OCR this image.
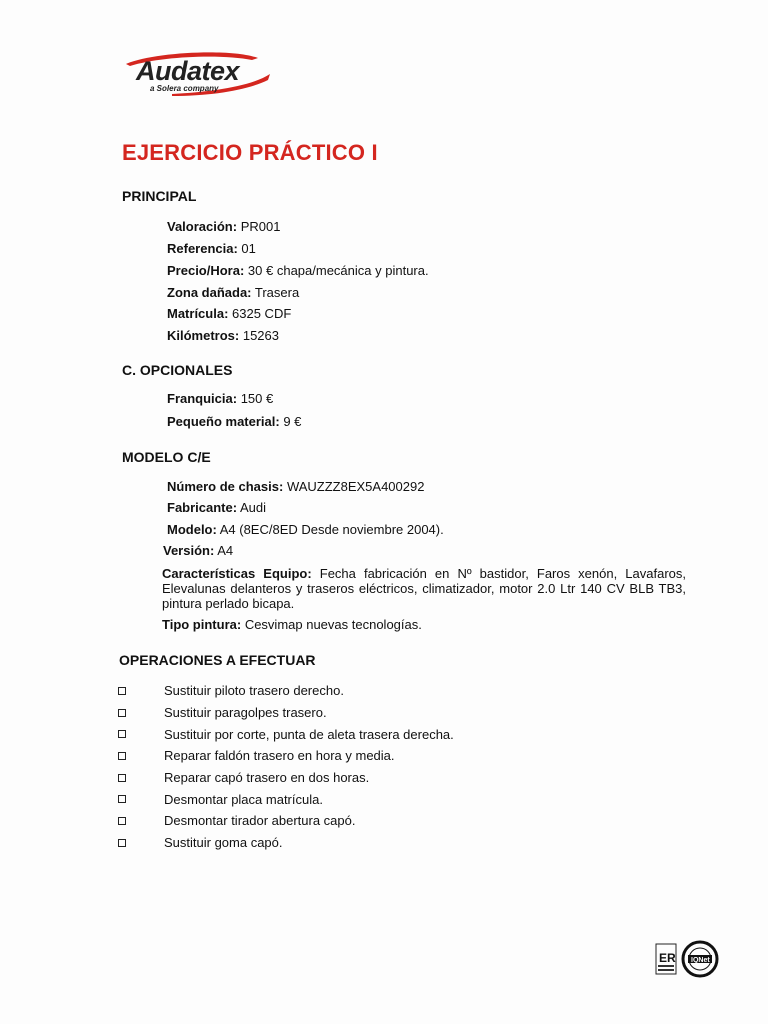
Audatex
a Solera company
EJERCICIO PRÁCTICO I
PRINCIPAL
Valoración: PR001
Referencia: 01
Precio/Hora: 30 € chapa/mecánica y pintura.
Zona dañada: Trasera
Matrícula: 6325 CDF
Kilómetros: 15263
C. OPCIONALES
Franquicia: 150 €
Pequeño material: 9 €
MODELO C/E
Número de chasis: WAUZZZ8EX5A400292
Fabricante: Audi
Modelo: A4 (8EC/8ED Desde noviembre 2004).
Versión: A4
Características Equipo: Fecha fabricación en Nº bastidor, Faros xenón, Lavafaros, Elevalunas delanteros y traseros eléctricos, climatizador, motor 2.0 Ltr 140 CV BLB TB3, pintura perlado bicapa.
Tipo pintura: Cesvimap nuevas tecnologías.
OPERACIONES A EFECTUAR
Sustituir piloto trasero derecho.
Sustituir paragolpes trasero.
Sustituir por corte, punta de aleta trasera derecha.
Reparar faldón trasero en hora y media.
Reparar capó trasero en dos horas.
Desmontar placa matrícula.
Desmontar tirador abertura capó.
Sustituir goma capó.
ER IQNet
